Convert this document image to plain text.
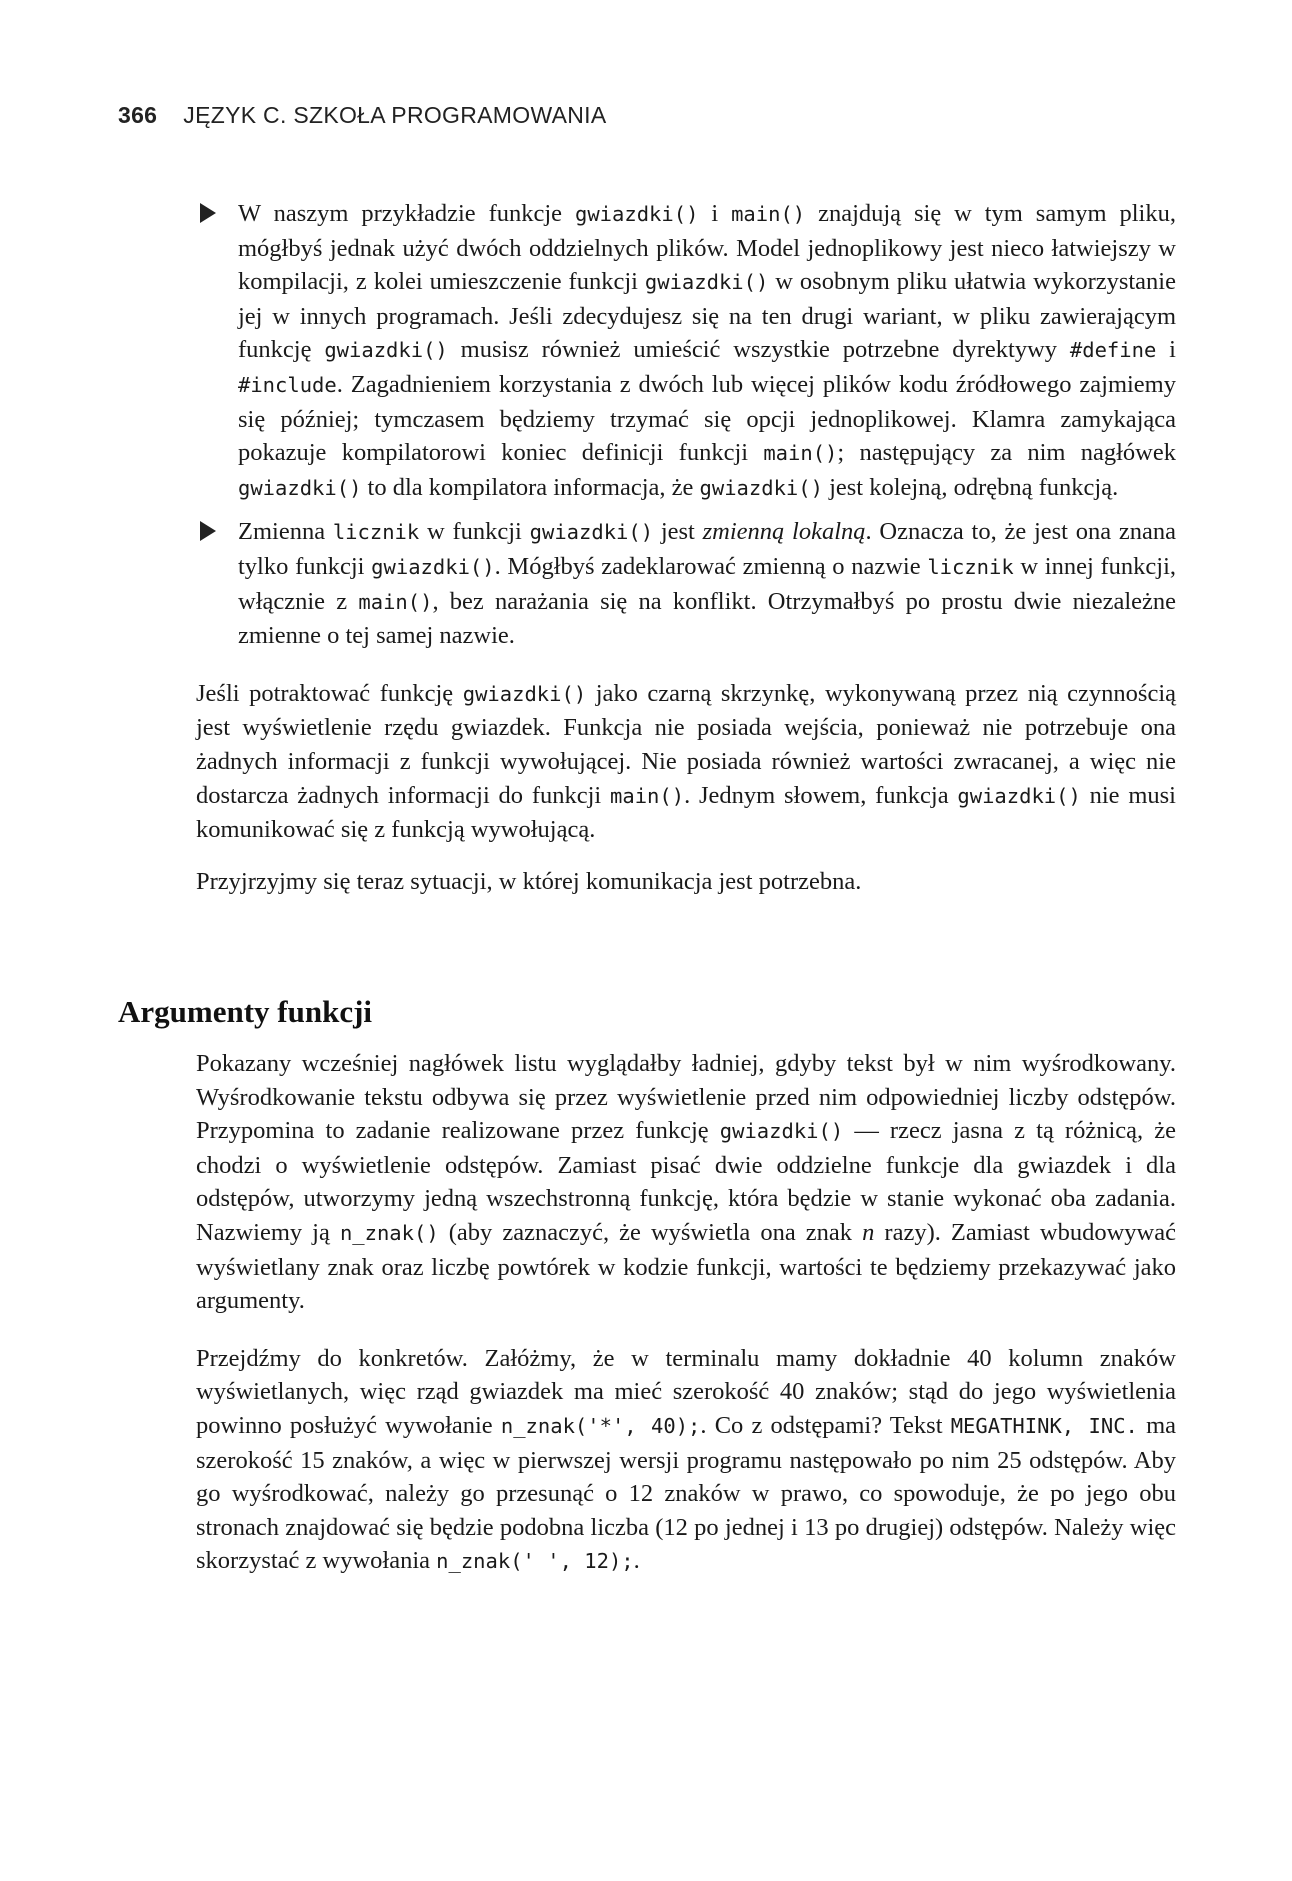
366 JĘZYK C. SZKOŁA PROGRAMOWANIA
W naszym przykładzie funkcje gwiazdki() i main() znajdują się w tym samym pliku, mógłbyś jednak użyć dwóch oddzielnych plików. Model jednoplikowy jest nieco łatwiejszy w kompilacji, z kolei umieszczenie funkcji gwiazdki() w osobnym pliku ułatwia wykorzystanie jej w innych programach. Jeśli zdecydujesz się na ten drugi wariant, w pliku zawierającym funkcję gwiazdki() musisz również umieścić wszystkie potrzebne dyrektywy #define i #include. Zagadnieniem korzystania z dwóch lub więcej plików kodu źródłowego zajmiemy się później; tymczasem będziemy trzymać się opcji jednoplikowej. Klamra zamykająca pokazuje kompilatorowi koniec definicji funkcji main(); następujący za nim nagłówek gwiazdki() to dla kompilatora informacja, że gwiazdki() jest kolejną, odrębną funkcją.
Zmienna licznik w funkcji gwiazdki() jest zmienną lokalną. Oznacza to, że jest ona znana tylko funkcji gwiazdki(). Mógłbyś zadeklarować zmienną o nazwie licznik w innej funkcji, włącznie z main(), bez narażania się na konflikt. Otrzymałbyś po prostu dwie niezależne zmienne o tej samej nazwie.

Jeśli potraktować funkcję gwiazdki() jako czarną skrzynkę, wykonywaną przez nią czynnością jest wyświetlenie rzędu gwiazdek. Funkcja nie posiada wejścia, ponieważ nie potrzebuje ona żadnych informacji z funkcji wywołującej. Nie posiada również wartości zwracanej, a więc nie dostarcza żadnych informacji do funkcji main(). Jednym słowem, funkcja gwiazdki() nie musi komunikować się z funkcją wywołującą.

Przyjrzyjmy się teraz sytuacji, w której komunikacja jest potrzebna.

Argumenty funkcji

Pokazany wcześniej nagłówek listu wyglądałby ładniej, gdyby tekst był w nim wyśrodkowany. Wyśrodkowanie tekstu odbywa się przez wyświetlenie przed nim odpowiedniej liczby odstępów. Przypomina to zadanie realizowane przez funkcję gwiazdki() — rzecz jasna z tą różnicą, że chodzi o wyświetlenie odstępów. Zamiast pisać dwie oddzielne funkcje dla gwiazdek i dla odstępów, utworzymy jedną wszechstronną funkcję, która będzie w stanie wykonać oba zadania. Nazwiemy ją n_znak() (aby zaznaczyć, że wyświetla ona znak n razy). Zamiast wbudowywać wyświetlany znak oraz liczbę powtórek w kodzie funkcji, wartości te będziemy przekazywać jako argumenty.

Przejdźmy do konkretów. Załóżmy, że w terminalu mamy dokładnie 40 kolumn znaków wyświetlanych, więc rząd gwiazdek ma mieć szerokość 40 znaków; stąd do jego wyświetlenia powinno posłużyć wywołanie n_znak('*', 40);. Co z odstępami? Tekst MEGATHINK, INC. ma szerokość 15 znaków, a więc w pierwszej wersji programu następowało po nim 25 odstępów. Aby go wyśrodkować, należy go przesunąć o 12 znaków w prawo, co spowoduje, że po jego obu stronach znajdować się będzie podobna liczba (12 po jednej i 13 po drugiej) odstępów. Należy więc skorzystać z wywołania n_znak(' ', 12);.
